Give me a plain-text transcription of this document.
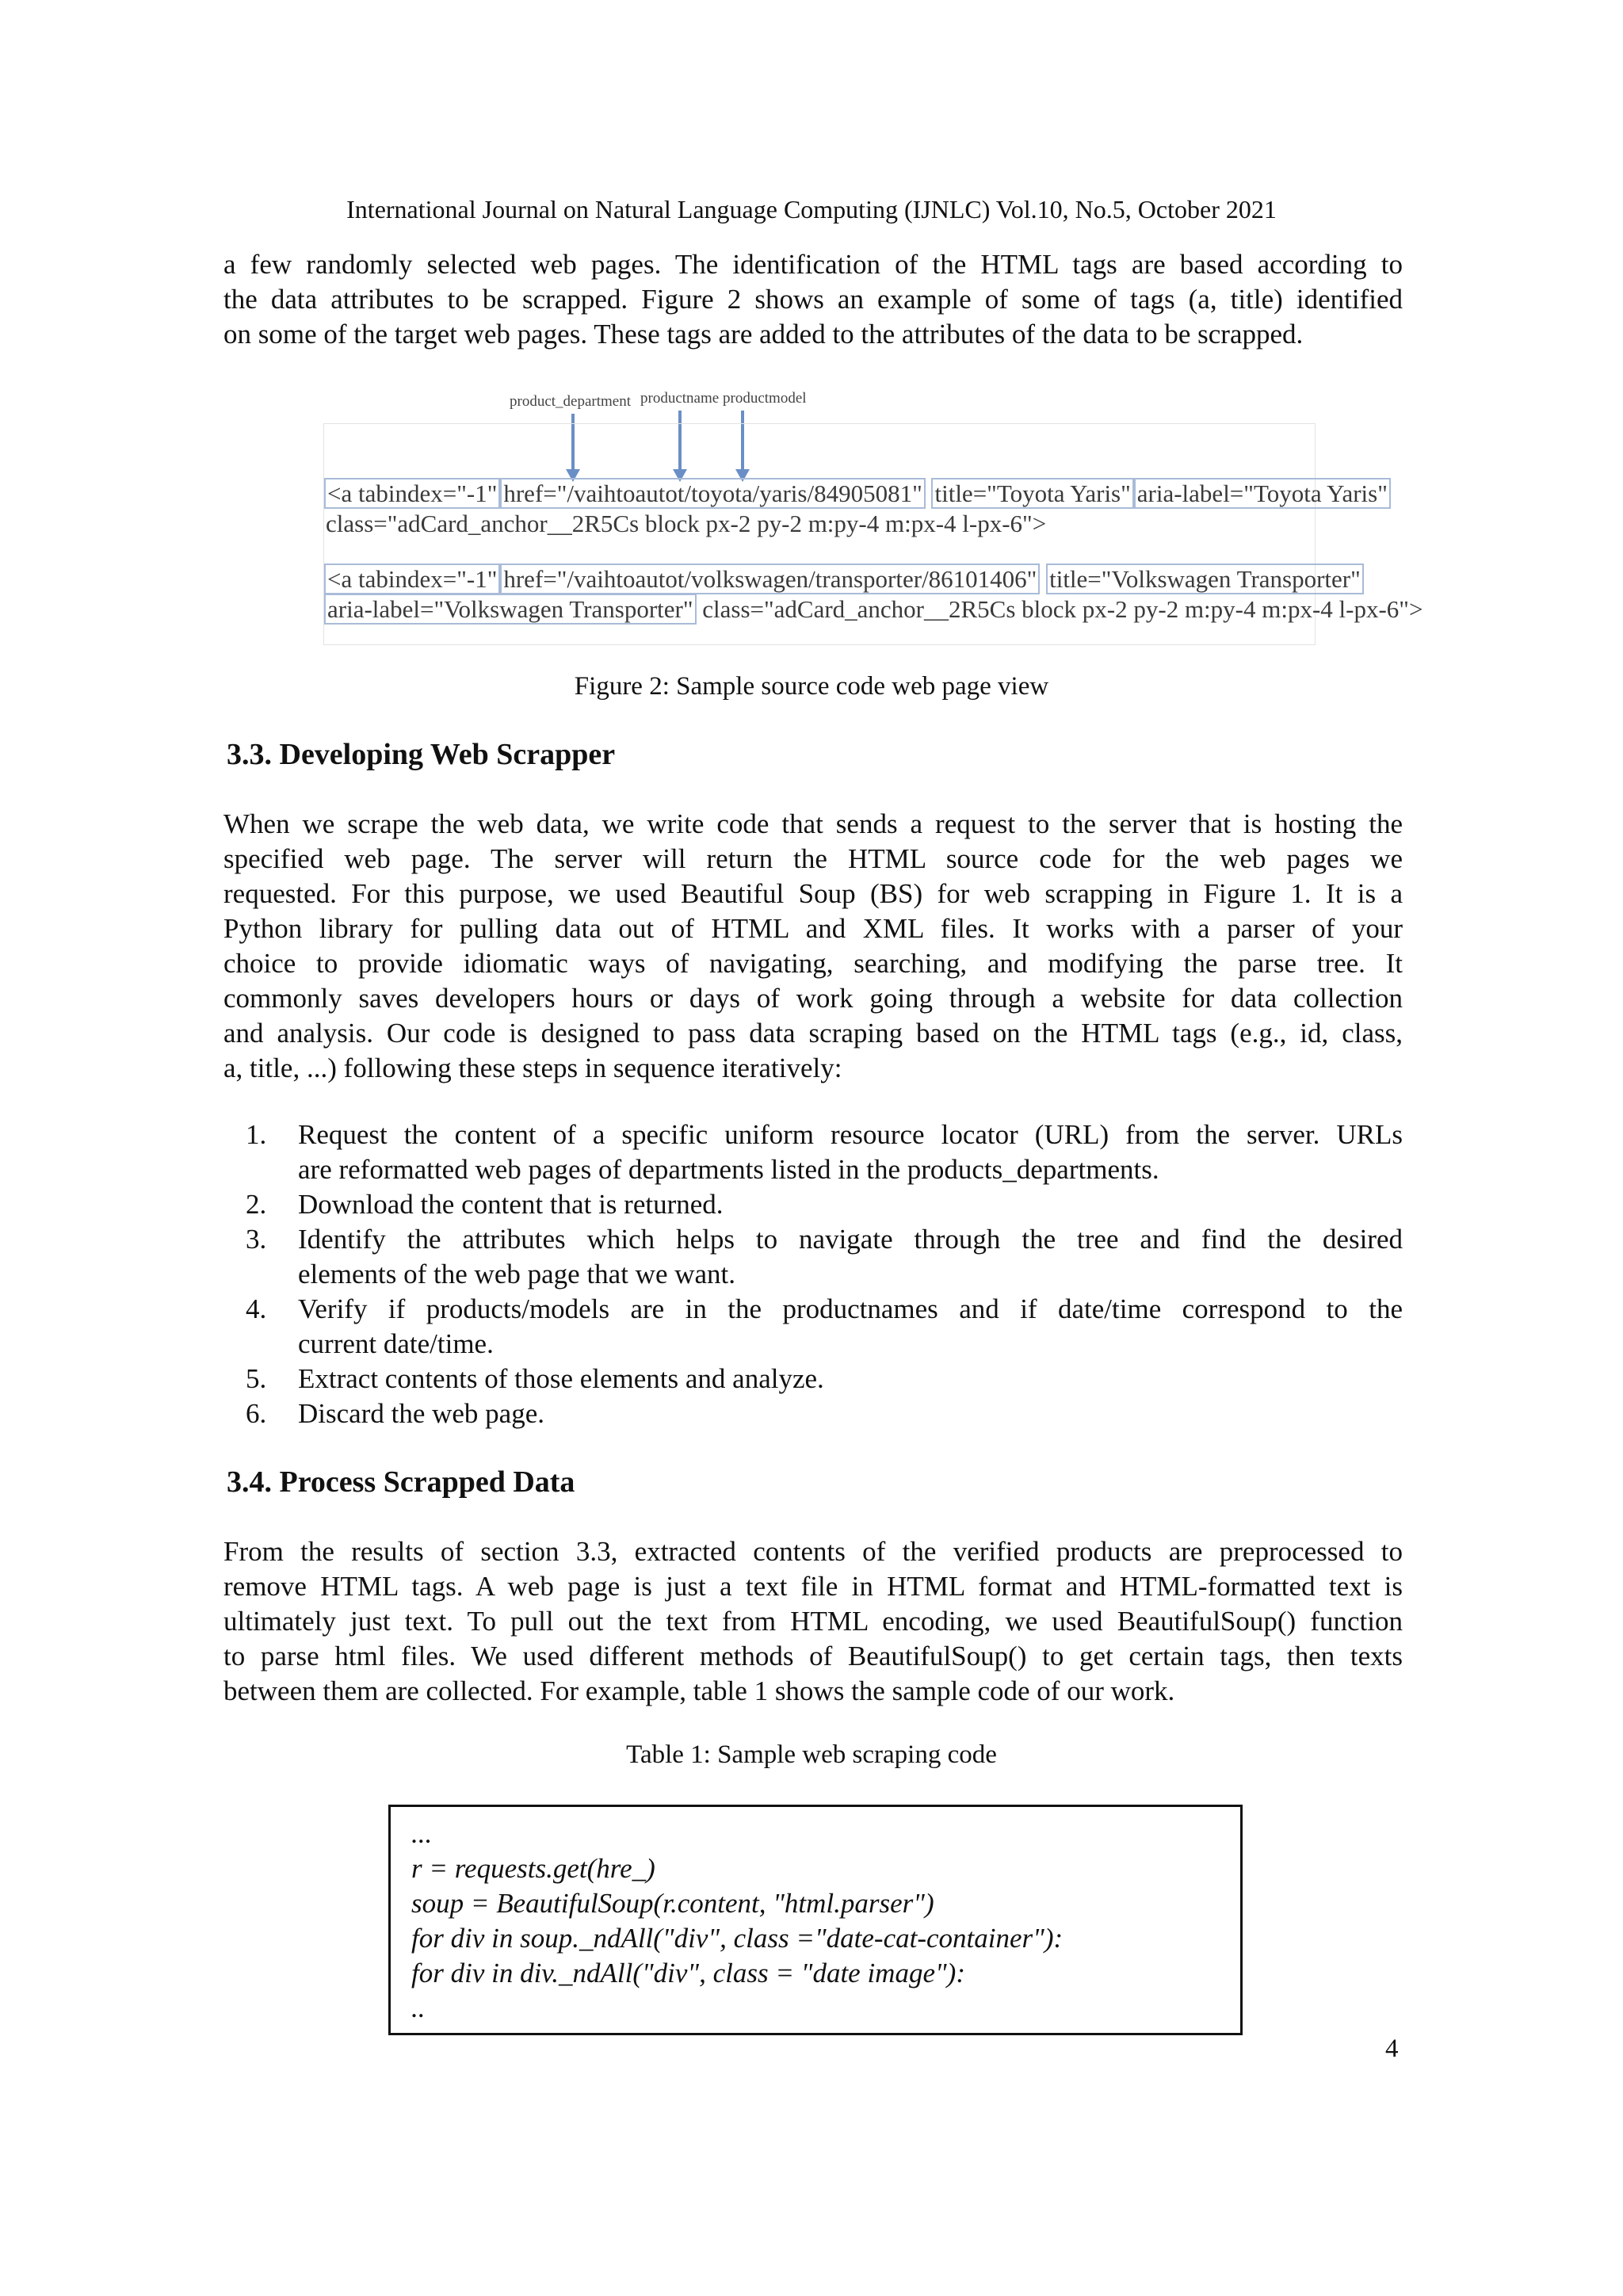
International Journal on Natural Language Computing (IJNLC) Vol.10, No.5, October 2021
a few randomly selected web pages. The identification of the HTML tags are based according to
the data attributes to be scrapped. Figure 2 shows an example of some of tags (a, title) identified
on some of the target web pages. These tags are added to the attributes of the data to be scrapped.
product_department productname productmodel
<a tabindex="-1" href="/vaihtoautot/toyota/yaris/84905081" title="Toyota Yaris" aria-label="Toyota Yaris"
class="adCard_anchor__2R5Cs block px-2 py-2 m:py-4 m:px-4 l-px-6">
<a tabindex="-1" href="/vaihtoautot/volkswagen/transporter/86101406" title="Volkswagen Transporter"
aria-label="Volkswagen Transporter" class="adCard_anchor__2R5Cs block px-2 py-2 m:py-4 m:px-4 l-px-6">
Figure 2: Sample source code web page view
3.3. Developing Web Scrapper
When we scrape the web data, we write code that sends a request to the server that is hosting the
specified web page. The server will return the HTML source code for the web pages we
requested. For this purpose, we used Beautiful Soup (BS) for web scrapping in Figure 1. It is a
Python library for pulling data out of HTML and XML files. It works with a parser of your
choice to provide idiomatic ways of navigating, searching, and modifying the parse tree. It
commonly saves developers hours or days of work going through a website for data collection
and analysis. Our code is designed to pass data scraping based on the HTML tags (e.g., id, class,
a, title, ...) following these steps in sequence iteratively:
1. Request the content of a specific uniform resource locator (URL) from the server. URLs
are reformatted web pages of departments listed in the products_departments.
2. Download the content that is returned.
3. Identify the attributes which helps to navigate through the tree and find the desired
elements of the web page that we want.
4. Verify if products/models are in the productnames and if date/time correspond to the
current date/time.
5. Extract contents of those elements and analyze.
6. Discard the web page.
3.4. Process Scrapped Data
From the results of section 3.3, extracted contents of the verified products are preprocessed to
remove HTML tags. A web page is just a text file in HTML format and HTML-formatted text is
ultimately just text. To pull out the text from HTML encoding, we used BeautifulSoup() function
to parse html files. We used different methods of BeautifulSoup() to get certain tags, then texts
between them are collected. For example, table 1 shows the sample code of our work.
Table 1: Sample web scraping code
...
r = requests.get(hre_)
soup = BeautifulSoup(r.content, "html.parser")
for div in soup._ndAll("div", class ="date-cat-container"):
for div in div._ndAll("div", class = "date image"):
..
4
